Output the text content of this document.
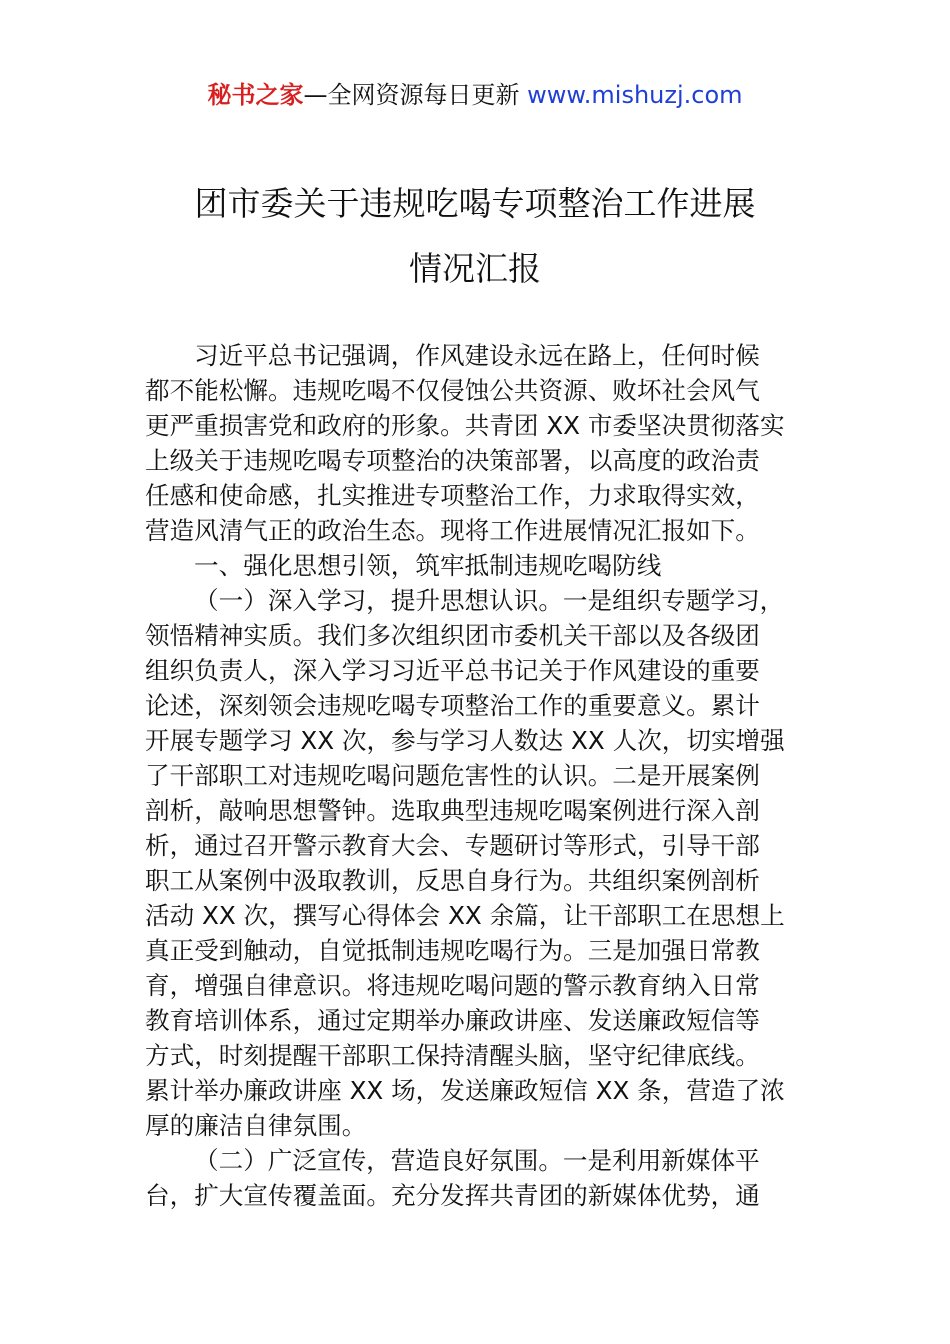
秘书之家—全网资源每日更新 www.mishuzj.com
团市委关于违规吃喝专项整治工作进展
情况汇报
习近平总书记强调，作风建设永远在路上，任何时候
都不能松懈。违规吃喝不仅侵蚀公共资源、败坏社会风气
更严重损害党和政府的形象。共青团 XX 市委坚决贯彻落实
上级关于违规吃喝专项整治的决策部署，以高度的政治责
任感和使命感，扎实推进专项整治工作，力求取得实效，
营造风清气正的政治生态。现将工作进展情况汇报如下。
一、强化思想引领，筑牢抵制违规吃喝防线
（一）深入学习，提升思想认识。一是组织专题学习，
领悟精神实质。我们多次组织团市委机关干部以及各级团
组织负责人，深入学习习近平总书记关于作风建设的重要
论述，深刻领会违规吃喝专项整治工作的重要意义。累计
开展专题学习 XX 次，参与学习人数达 XX 人次，切实增强
了干部职工对违规吃喝问题危害性的认识。二是开展案例
剖析，敲响思想警钟。选取典型违规吃喝案例进行深入剖
析，通过召开警示教育大会、专题研讨等形式，引导干部
职工从案例中汲取教训，反思自身行为。共组织案例剖析
活动 XX 次，撰写心得体会 XX 余篇，让干部职工在思想上
真正受到触动，自觉抵制违规吃喝行为。三是加强日常教
育，增强自律意识。将违规吃喝问题的警示教育纳入日常
教育培训体系，通过定期举办廉政讲座、发送廉政短信等
方式，时刻提醒干部职工保持清醒头脑，坚守纪律底线。
累计举办廉政讲座 XX 场，发送廉政短信 XX 条，营造了浓
厚的廉洁自律氛围。
（二）广泛宣传，营造良好氛围。一是利用新媒体平
台，扩大宣传覆盖面。充分发挥共青团的新媒体优势，通
